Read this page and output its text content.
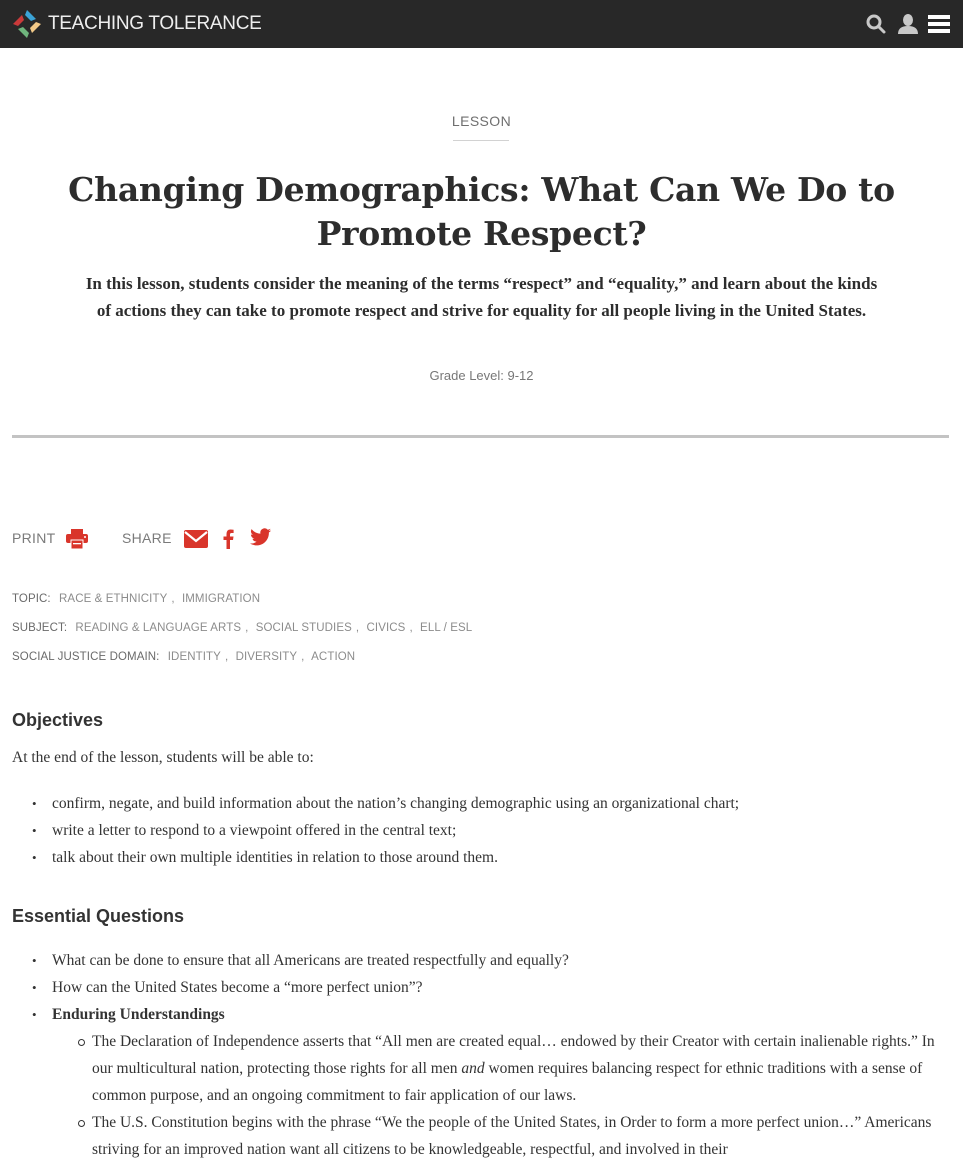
TEACHING TOLERANCE
LESSON
Changing Demographics: What Can We Do to Promote Respect?

In this lesson, students consider the meaning of the terms “respect” and “equality,” and learn about the kinds of actions they can take to promote respect and strive for equality for all people living in the United States.

Grade Level: 9-12
PRINT	SHARE
TOPIC: RACE & ETHNICITY , IMMIGRATION
SUBJECT: READING & LANGUAGE ARTS , SOCIAL STUDIES , CIVICS , ELL / ESL
SOCIAL JUSTICE DOMAIN: IDENTITY , DIVERSITY , ACTION
Objectives

At the end of the lesson, students will be able to:

• confirm, negate, and build information about the nation’s changing demographic using an organizational chart;
• write a letter to respond to a viewpoint offered in the central text;
• talk about their own multiple identities in relation to those around them.
Essential Questions
• What can be done to ensure that all Americans are treated respectfully and equally?
• How can the United States become a “more perfect union”?
• Enduring Understandings
The Declaration of Independence asserts that “All men are created equal… endowed by their Creator with certain inalienable rights.” In our multicultural nation, protecting those rights for all men and women requires balancing respect for ethnic traditions with a sense of common purpose, and an ongoing commitment to fair application of our laws.
The U.S. Constitution begins with the phrase “We the people of the United States, in Order to form a more perfect union…” Americans striving for an improved nation want all citizens to be knowledgeable, respectful, and involved in their
